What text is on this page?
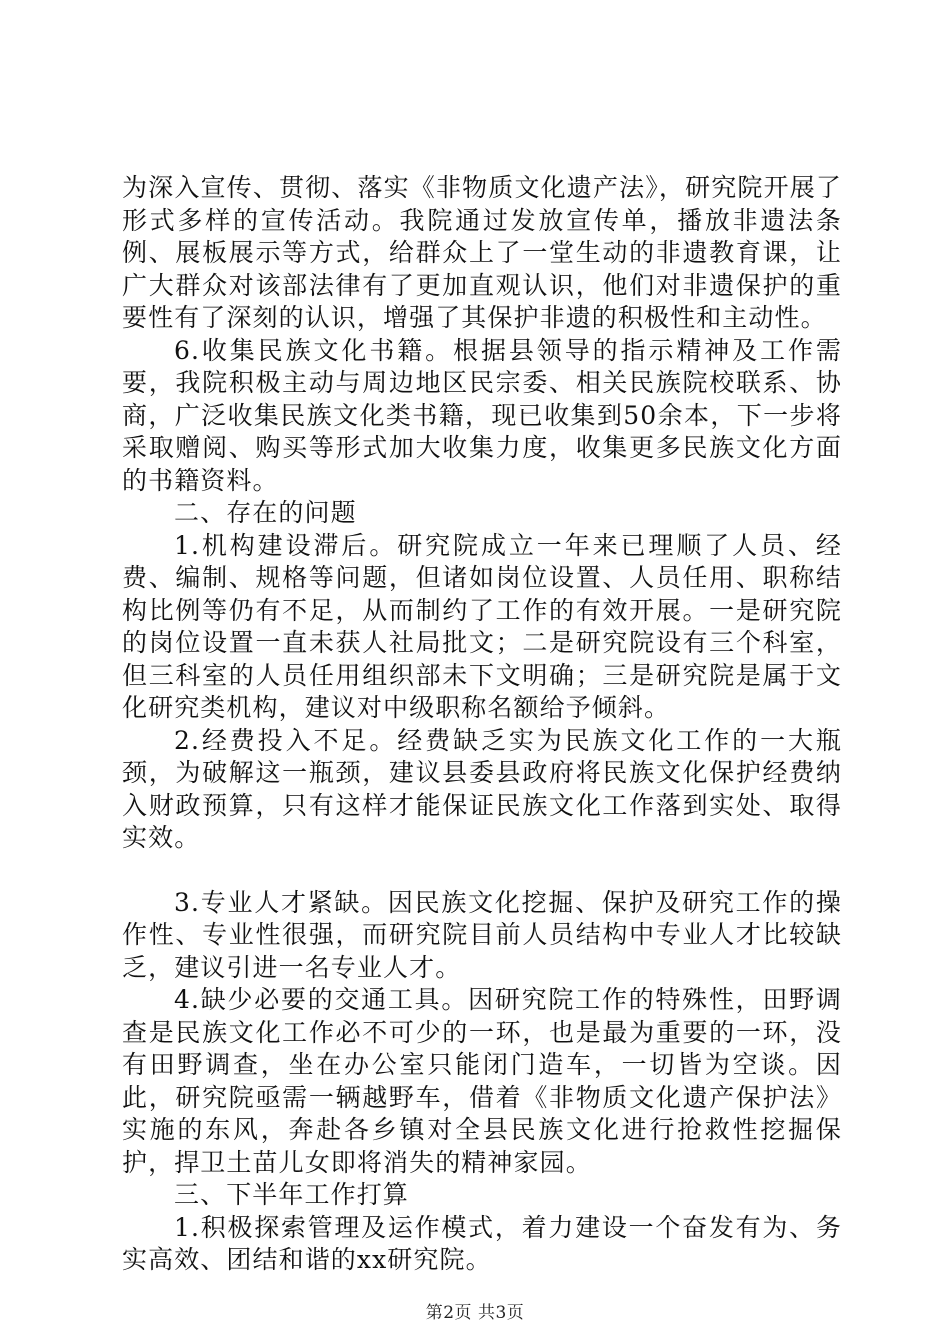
为深入宣传、贯彻、落实《非物质文化遗产法》，研究院开展了形式多样的宣传活动。我院通过发放宣传单，播放非遗法条例、展板展示等方式，给群众上了一堂生动的非遗教育课，让广大群众对该部法律有了更加直观认识，他们对非遗保护的重要性有了深刻的认识，增强了其保护非遗的积极性和主动性。

6.收集民族文化书籍。根据县领导的指示精神及工作需要，我院积极主动与周边地区民宗委、相关民族院校联系、协商，广泛收集民族文化类书籍，现已收集到50余本，下一步将采取赠阅、购买等形式加大收集力度，收集更多民族文化方面的书籍资料。

二、存在的问题

1.机构建设滞后。研究院成立一年来已理顺了人员、经费、编制、规格等问题，但诸如岗位设置、人员任用、职称结构比例等仍有不足，从而制约了工作的有效开展。一是研究院的岗位设置一直未获人社局批文；二是研究院设有三个科室，但三科室的人员任用组织部未下文明确；三是研究院是属于文化研究类机构，建议对中级职称名额给予倾斜。

2.经费投入不足。经费缺乏实为民族文化工作的一大瓶颈，为破解这一瓶颈，建议县委县政府将民族文化保护经费纳入财政预算，只有这样才能保证民族文化工作落到实处、取得实效。

3.专业人才紧缺。因民族文化挖掘、保护及研究工作的操作性、专业性很强，而研究院目前人员结构中专业人才比较缺乏，建议引进一名专业人才。

4.缺少必要的交通工具。因研究院工作的特殊性，田野调查是民族文化工作必不可少的一环，也是最为重要的一环，没有田野调查，坐在办公室只能闭门造车，一切皆为空谈。因此，研究院亟需一辆越野车，借着《非物质文化遗产保护法》实施的东风，奔赴各乡镇对全县民族文化进行抢救性挖掘保护，捍卫土苗儿女即将消失的精神家园。

三、下半年工作打算

1.积极探索管理及运作模式，着力建设一个奋发有为、务实高效、团结和谐的xx研究院。

第2页 共3页
